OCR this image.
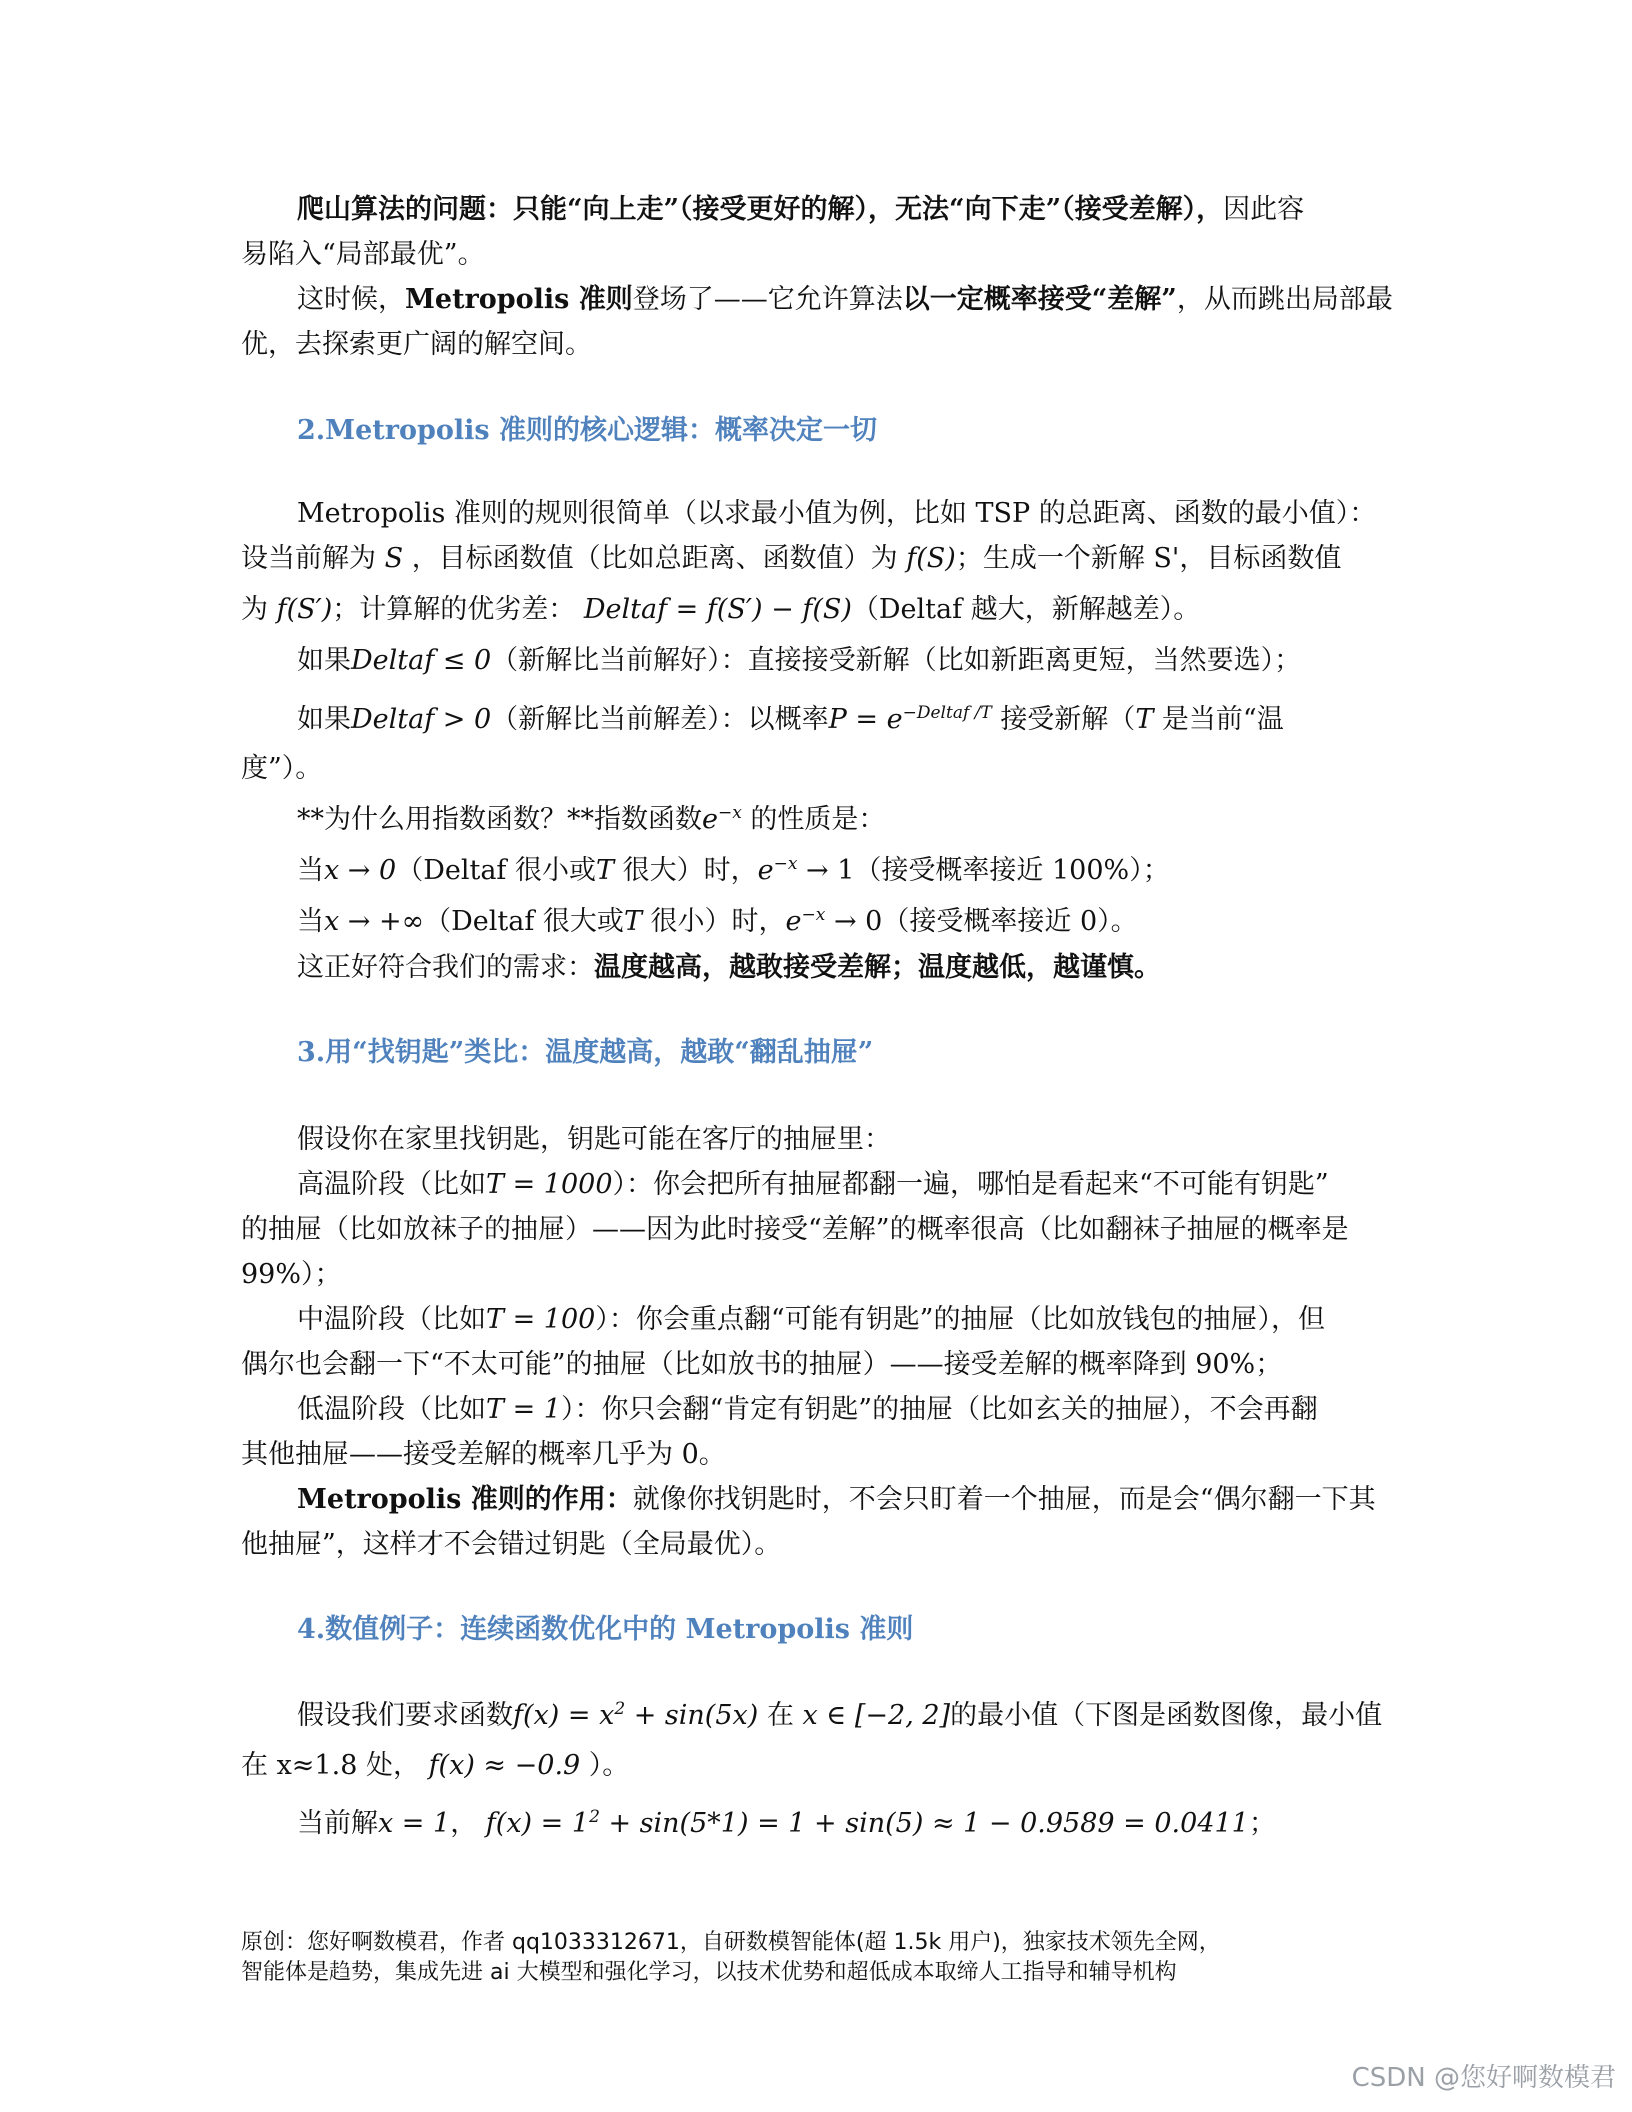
爬山算法的问题：只能“向上走”（接受更好的解），无法“向下走”（接受差解），因此容

易陷入“局部最优”。

这时候，Metropolis 准则登场了——它允许算法以一定概率接受“差解”，从而跳出局部最

优，去探索更广阔的解空间。

2.Metropolis 准则的核心逻辑：概率决定一切

Metropolis 准则的规则很简单（以求最小值为例，比如 TSP 的总距离、函数的最小值）：

设当前解为 S ，目标函数值（比如总距离、函数值）为 f(S)；生成一个新解 S'，目标函数值

为 f(S′)；计算解的优劣差： Deltaf = f(S′) − f(S)（Deltaf 越大，新解越差）。

如果Deltaf ≤ 0（新解比当前解好）：直接接受新解（比如新距离更短，当然要选）；

如果Deltaf > 0（新解比当前解差）：以概率$P = e^{-Deltaf /T}$ 接受新解（T 是当前“温

度”）。

**为什么用指数函数？**指数函数$e^{-x}$ 的性质是：

当x → 0（Deltaf 很小或T 很大）时，$e^{-x} \to 1$（接受概率接近 100%）；

当x → +∞（Deltaf 很大或T 很小）时，$e^{-x} \to 0$（接受概率接近 0）。

这正好符合我们的需求：温度越高，越敢接受差解；温度越低，越谨慎。

3.用“找钥匙”类比：温度越高，越敢“翻乱抽屉”

假设你在家里找钥匙，钥匙可能在客厅的抽屉里：

高温阶段（比如T = 1000）：你会把所有抽屉都翻一遍，哪怕是看起来“不可能有钥匙”

的抽屉（比如放袜子的抽屉）——因为此时接受“差解”的概率很高（比如翻袜子抽屉的概率是

99%）；

中温阶段（比如T = 100）：你会重点翻“可能有钥匙”的抽屉（比如放钱包的抽屉），但

偶尔也会翻一下“不太可能”的抽屉（比如放书的抽屉）——接受差解的概率降到 90%；

低温阶段（比如T = 1）：你只会翻“肯定有钥匙”的抽屉（比如玄关的抽屉），不会再翻

其他抽屉——接受差解的概率几乎为 0。

Metropolis 准则的作用：就像你找钥匙时，不会只盯着一个抽屉，而是会“偶尔翻一下其

他抽屉”，这样才不会错过钥匙（全局最优）。

4.数值例子：连续函数优化中的 Metropolis 准则

假设我们要求函数$f(x) = x^2 + \sin(5x)$ 在 x ∈ [−2, 2]的最小值（下图是函数图像，最小值

在 x≈1.8 处， f(x) ≈ −0.9 ）。

当前解x = 1， $f(x) = 1^2 + \sin(5*1) = 1 + \sin(5) \approx 1 - 0.9589 = 0.0411$；

原创：您好啊数模君，作者 qq1033312671，自研数模智能体(超 1.5k 用户)，独家技术领先全网，
智能体是趋势，集成先进 ai 大模型和强化学习，以技术优势和超低成本取缔人工指导和辅导机构
CSDN @您好啊数模君
